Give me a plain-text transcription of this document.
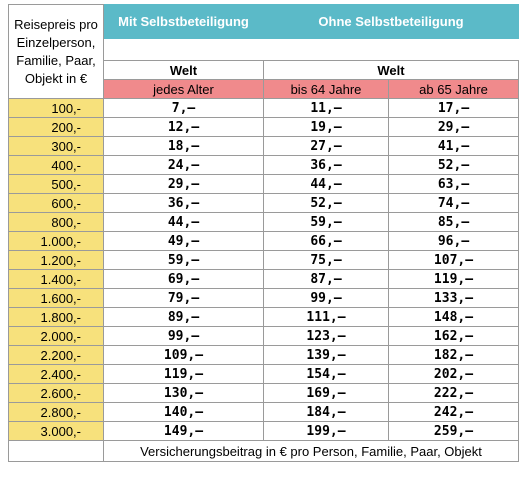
Reisepreis pro Einzelperson, Familie, Paar, Objekt in €	Mit Selbstbeteiligung	Ohne Selbstbeteiligung	

	Welt	Welt	
	jedes Alter	bis 64 Jahre	ab 65 Jahre
100,-	7,–	11,–	17,–
200,-	12,–	19,–	29,–
300,-	18,–	27,–	41,–
400,-	24,–	36,–	52,–
500,-	29,–	44,–	63,–
600,-	36,–	52,–	74,–
800,-	44,–	59,–	85,–
1.000,-	49,–	66,–	96,–
1.200,-	59,–	75,–	107,–
1.400,-	69,–	87,–	119,–
1.600,-	79,–	99,–	133,–
1.800,-	89,–	111,–	148,–
2.000,-	99,–	123,–	162,–
2.200,-	109,–	139,–	182,–
2.400,-	119,–	154,–	202,–
2.600,-	130,–	169,–	222,–
2.800,-	140,–	184,–	242,–
3.000,-	149,–	199,–	259,–
	Versicherungsbeitrag in € pro Person, Familie, Paar, Objekt		
